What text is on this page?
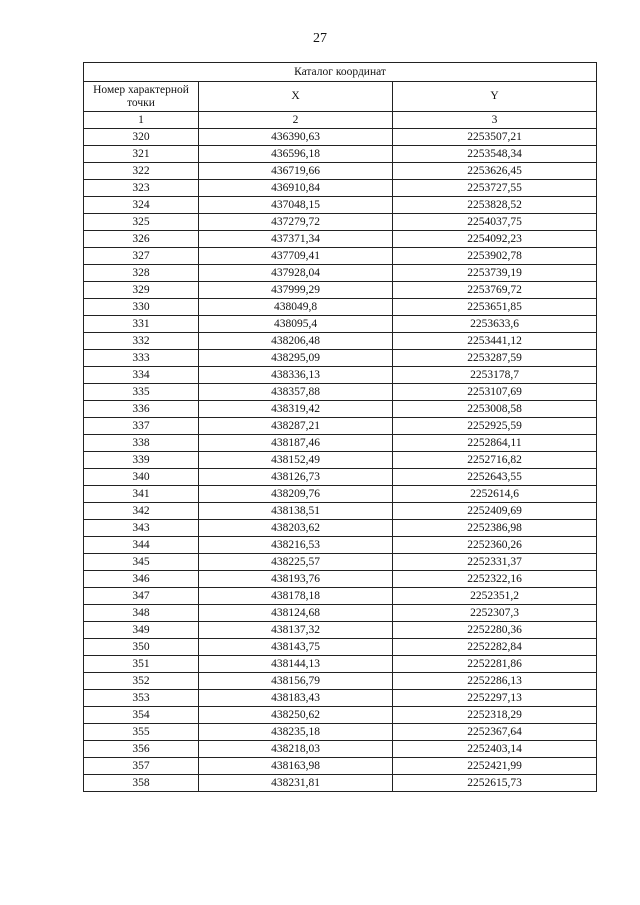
27
Каталог координат		
Номер характерной точки	X	Y
1	2	3
320	436390,63	2253507,21
321	436596,18	2253548,34
322	436719,66	2253626,45
323	436910,84	2253727,55
324	437048,15	2253828,52
325	437279,72	2254037,75
326	437371,34	2254092,23
327	437709,41	2253902,78
328	437928,04	2253739,19
329	437999,29	2253769,72
330	438049,8	2253651,85
331	438095,4	2253633,6
332	438206,48	2253441,12
333	438295,09	2253287,59
334	438336,13	2253178,7
335	438357,88	2253107,69
336	438319,42	2253008,58
337	438287,21	2252925,59
338	438187,46	2252864,11
339	438152,49	2252716,82
340	438126,73	2252643,55
341	438209,76	2252614,6
342	438138,51	2252409,69
343	438203,62	2252386,98
344	438216,53	2252360,26
345	438225,57	2252331,37
346	438193,76	2252322,16
347	438178,18	2252351,2
348	438124,68	2252307,3
349	438137,32	2252280,36
350	438143,75	2252282,84
351	438144,13	2252281,86
352	438156,79	2252286,13
353	438183,43	2252297,13
354	438250,62	2252318,29
355	438235,18	2252367,64
356	438218,03	2252403,14
357	438163,98	2252421,99
358	438231,81	2252615,73
